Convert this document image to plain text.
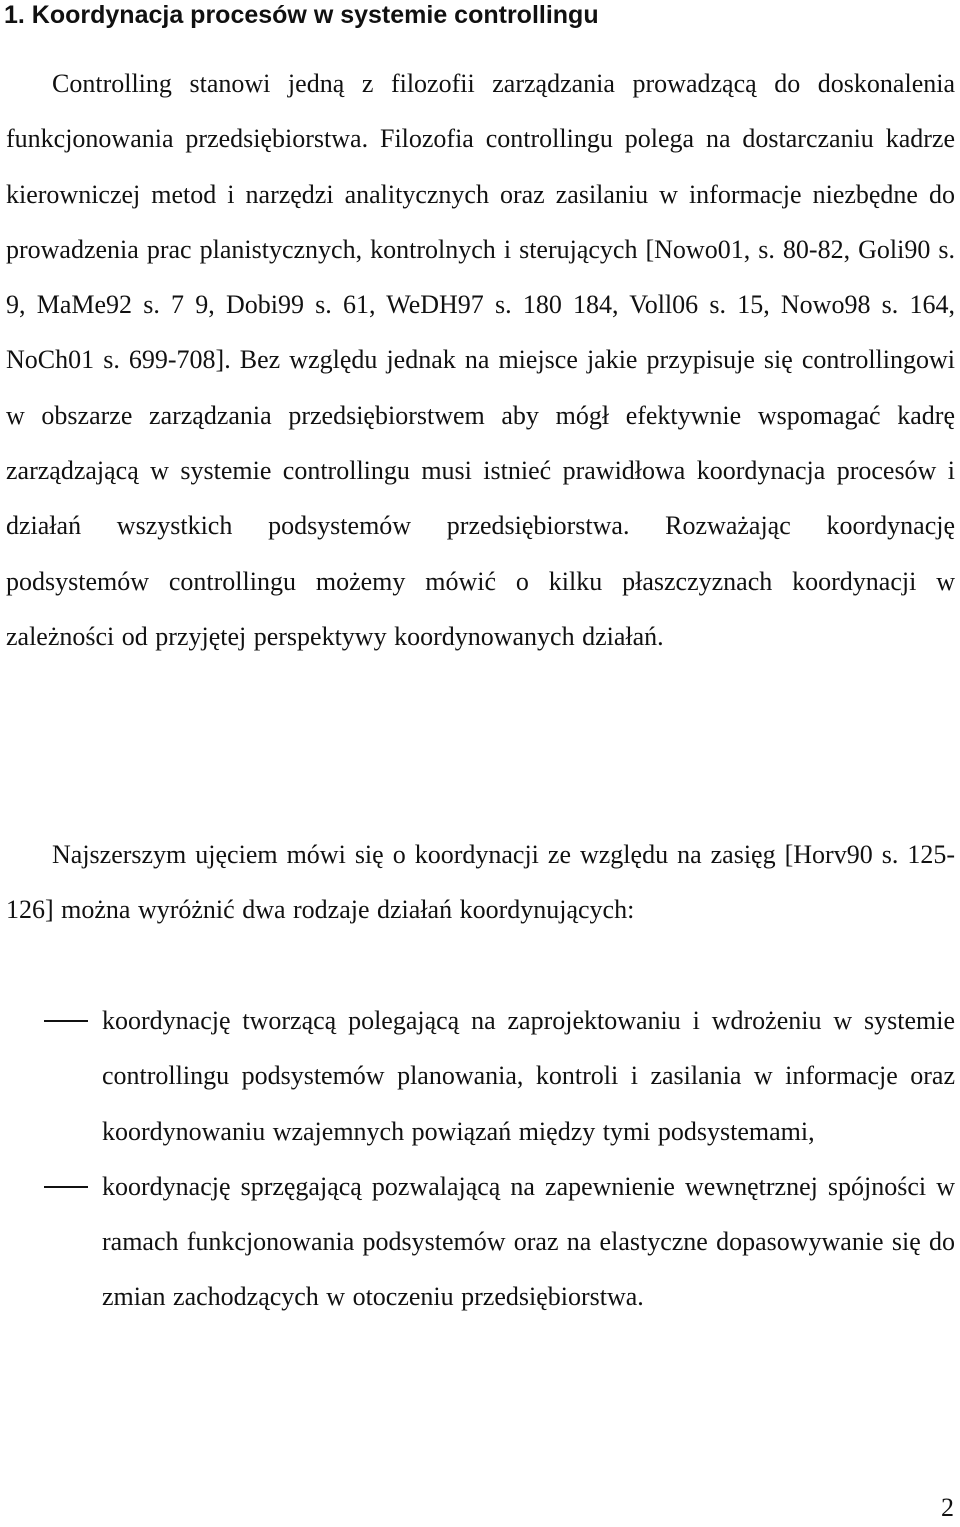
1. Koordynacja procesów w systemie controllingu

Controlling stanowi jedną z filozofii zarządzania prowadzącą do doskonalenia funkcjonowania przedsiębiorstwa. Filozofia controllingu polega na dostarczaniu kadrze kierowniczej metod i narzędzi analitycznych oraz zasilaniu w informacje niezbędne do prowadzenia prac planistycznych, kontrolnych i sterujących [Nowo01, s. 80-82, Goli90 s. 9, MaMe92 s. 7 9, Dobi99 s. 61, WeDH97 s. 180 184, Voll06 s. 15, Nowo98 s. 164, NoCh01 s. 699-708]. Bez względu jednak na miejsce jakie przypisuje się controllingowi w obszarze zarządzania przedsiębiorstwem aby mógł efektywnie wspomagać kadrę zarządzającą w systemie controllingu musi istnieć prawidłowa koordynacja procesów i działań wszystkich podsystemów przedsiębiorstwa. Rozważając koordynację podsystemów controllingu możemy mówić o kilku płaszczyznach koordynacji w zależności od przyjętej perspektywy koordynowanych działań.

Najszerszym ujęciem mówi się o koordynacji ze względu na zasięg [Horv90 s. 125-126] można wyróżnić dwa rodzaje działań koordynujących:

koordynację tworzącą polegającą na zaprojektowaniu i wdrożeniu w systemie controllingu podsystemów planowania, kontroli i zasilania w informacje oraz koordynowaniu wzajemnych powiązań między tymi podsystemami,
koordynację sprzęgającą pozwalającą na zapewnienie wewnętrznej spójności w ramach funkcjonowania podsystemów oraz na elastyczne dopasowywanie się do zmian zachodzących w otoczeniu przedsiębiorstwa.
2
